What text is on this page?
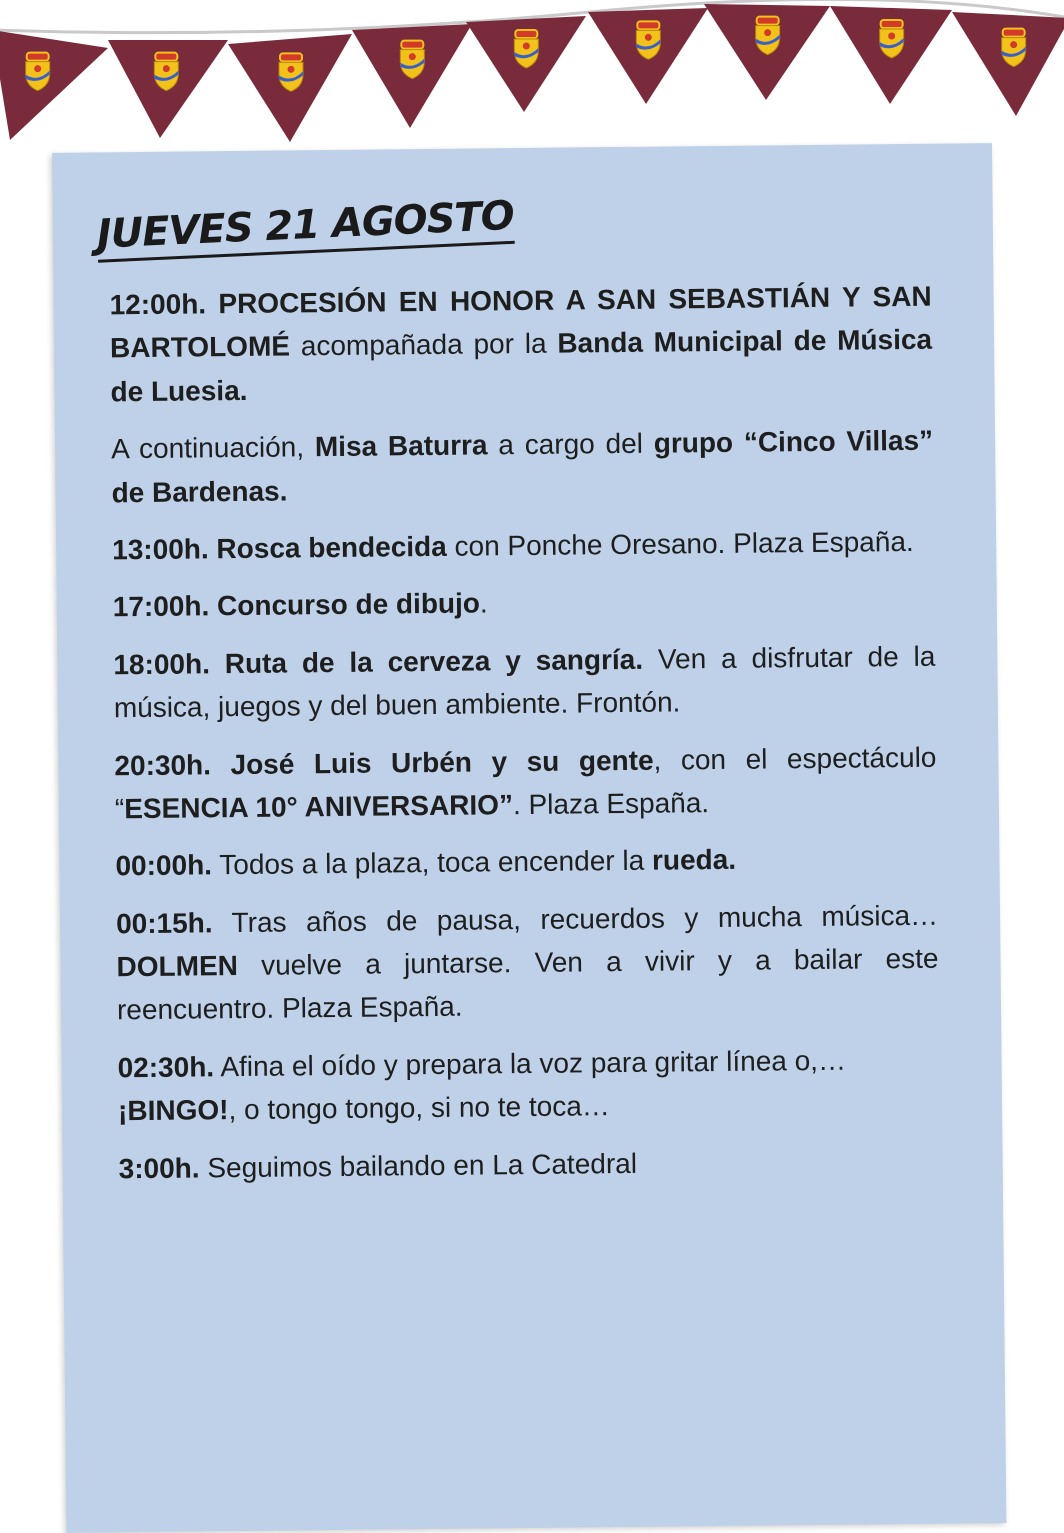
JUEVES 21 AGOSTO

12:00h. PROCESIÓN EN HONOR A SAN SEBASTIÁN Y SAN BARTOLOMÉ acompañada por la Banda Municipal de Música de Luesia.

A continuación, Misa Baturra a cargo del grupo “Cinco Villas” de Bardenas.

13:00h. Rosca bendecida con Ponche Oresano. Plaza España.

17:00h. Concurso de dibujo.

18:00h. Ruta de la cerveza y sangría. Ven a disfrutar de la música, juegos y del buen ambiente. Frontón.

20:30h. José Luis Urbén y su gente, con el espectáculo “ESENCIA 10° ANIVERSARIO”. Plaza España.

00:00h. Todos a la plaza, toca encender la rueda.

00:15h. Tras años de pausa, recuerdos y mucha música… DOLMEN vuelve a juntarse. Ven a vivir y a bailar este reencuentro. Plaza España.

02:30h. Afina el oído y prepara la voz para gritar línea o,… ¡BINGO!, o tongo tongo, si no te toca…

3:00h. Seguimos bailando en La Catedral
